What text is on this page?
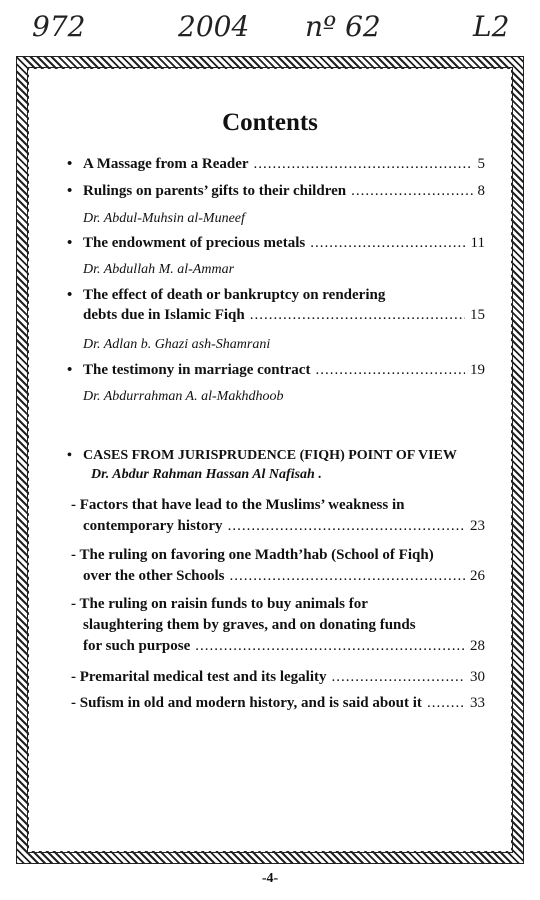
972	2004 nº 62	L2
Contents
• A Massage from a Reader .....	5
• Rulings on parents’ gifts to their children .....	8
Dr. Abdul-Muhsin al-Muneef
• The endowment of precious metals .....	11
Dr. Abdullah M. al-Ammar
• The effect of death or bankruptcy on rendering
debts due in Islamic Fiqh .....	15
Dr. Adlan b. Ghazi ash-Shamrani
• The testimony in marriage contract .....	19
Dr. Abdurrahman A. al-Makhdhoob
• CASES FROM JURISPRUDENCE (FIQH) POINT OF VIEW
Dr. Abdur Rahman Hassan Al Nafisah .
- Factors that have lead to the Muslims’ weakness in
contemporary history .....	23
- The ruling on favoring one Madth’hab (School of Fiqh)
over the other Schools .....	26
- The ruling on raisin funds to buy animals for
slaughtering them by graves, and on donating funds
for such purpose .....	28
- Premarital medical test and its legality .....	30
- Sufism in old and modern history, and is said about it .....	33
-4-
